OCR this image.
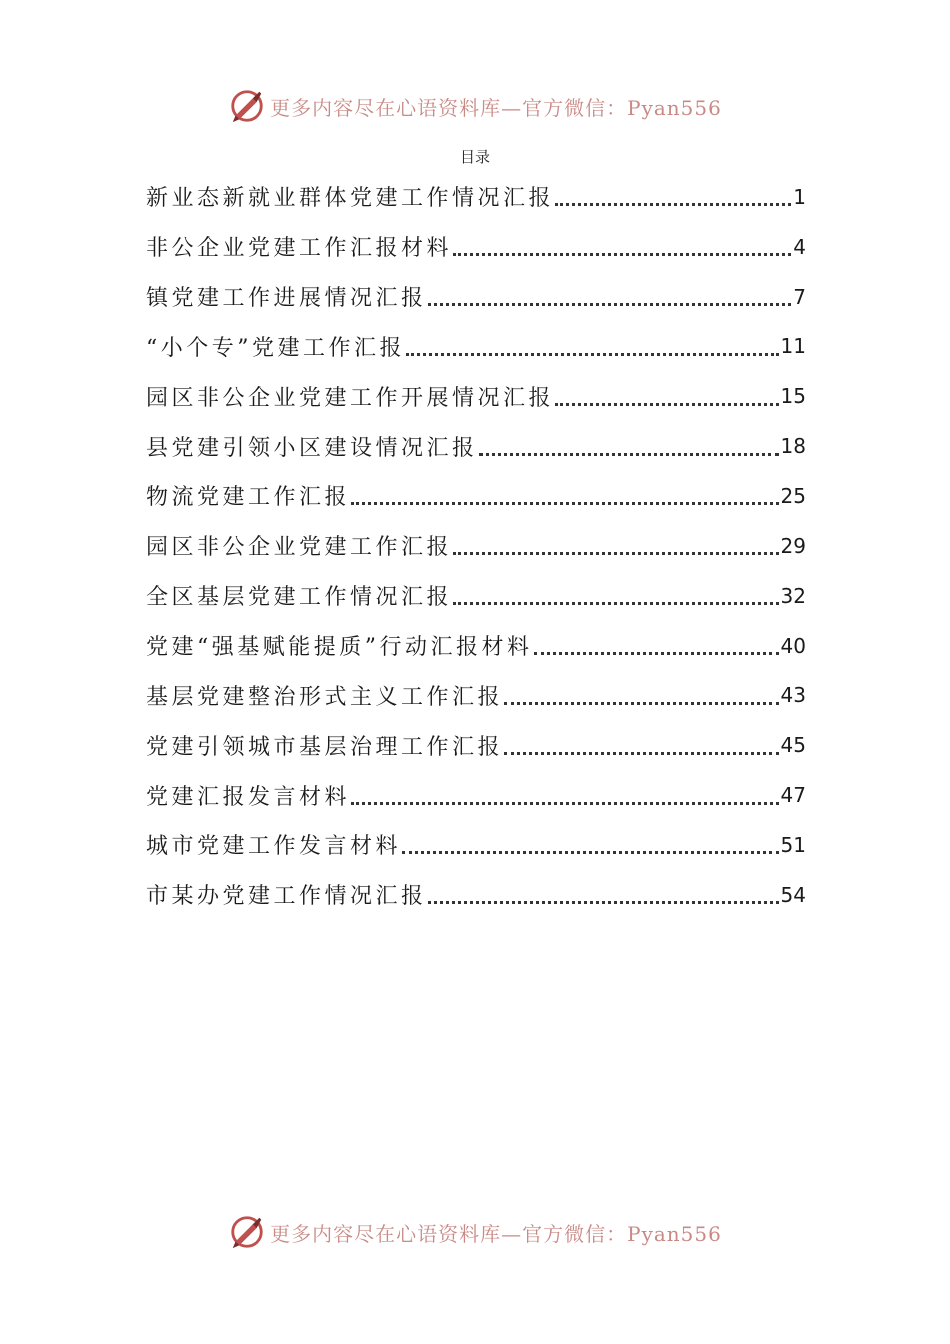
更多内容尽在心语资料库—官方微信：Pyan556
目录
新业态新就业群体党建工作情况汇报	1
非公企业党建工作汇报材料	4
镇党建工作进展情况汇报	7
“小个专”党建工作汇报	11
园区非公企业党建工作开展情况汇报	15
县党建引领小区建设情况汇报	18
物流党建工作汇报	25
园区非公企业党建工作汇报	29
全区基层党建工作情况汇报	32
党建“强基赋能提质”行动汇报材料	40
基层党建整治形式主义工作汇报	43
党建引领城市基层治理工作汇报	45
党建汇报发言材料	47
城市党建工作发言材料	51
市某办党建工作情况汇报	54
更多内容尽在心语资料库—官方微信：Pyan556
